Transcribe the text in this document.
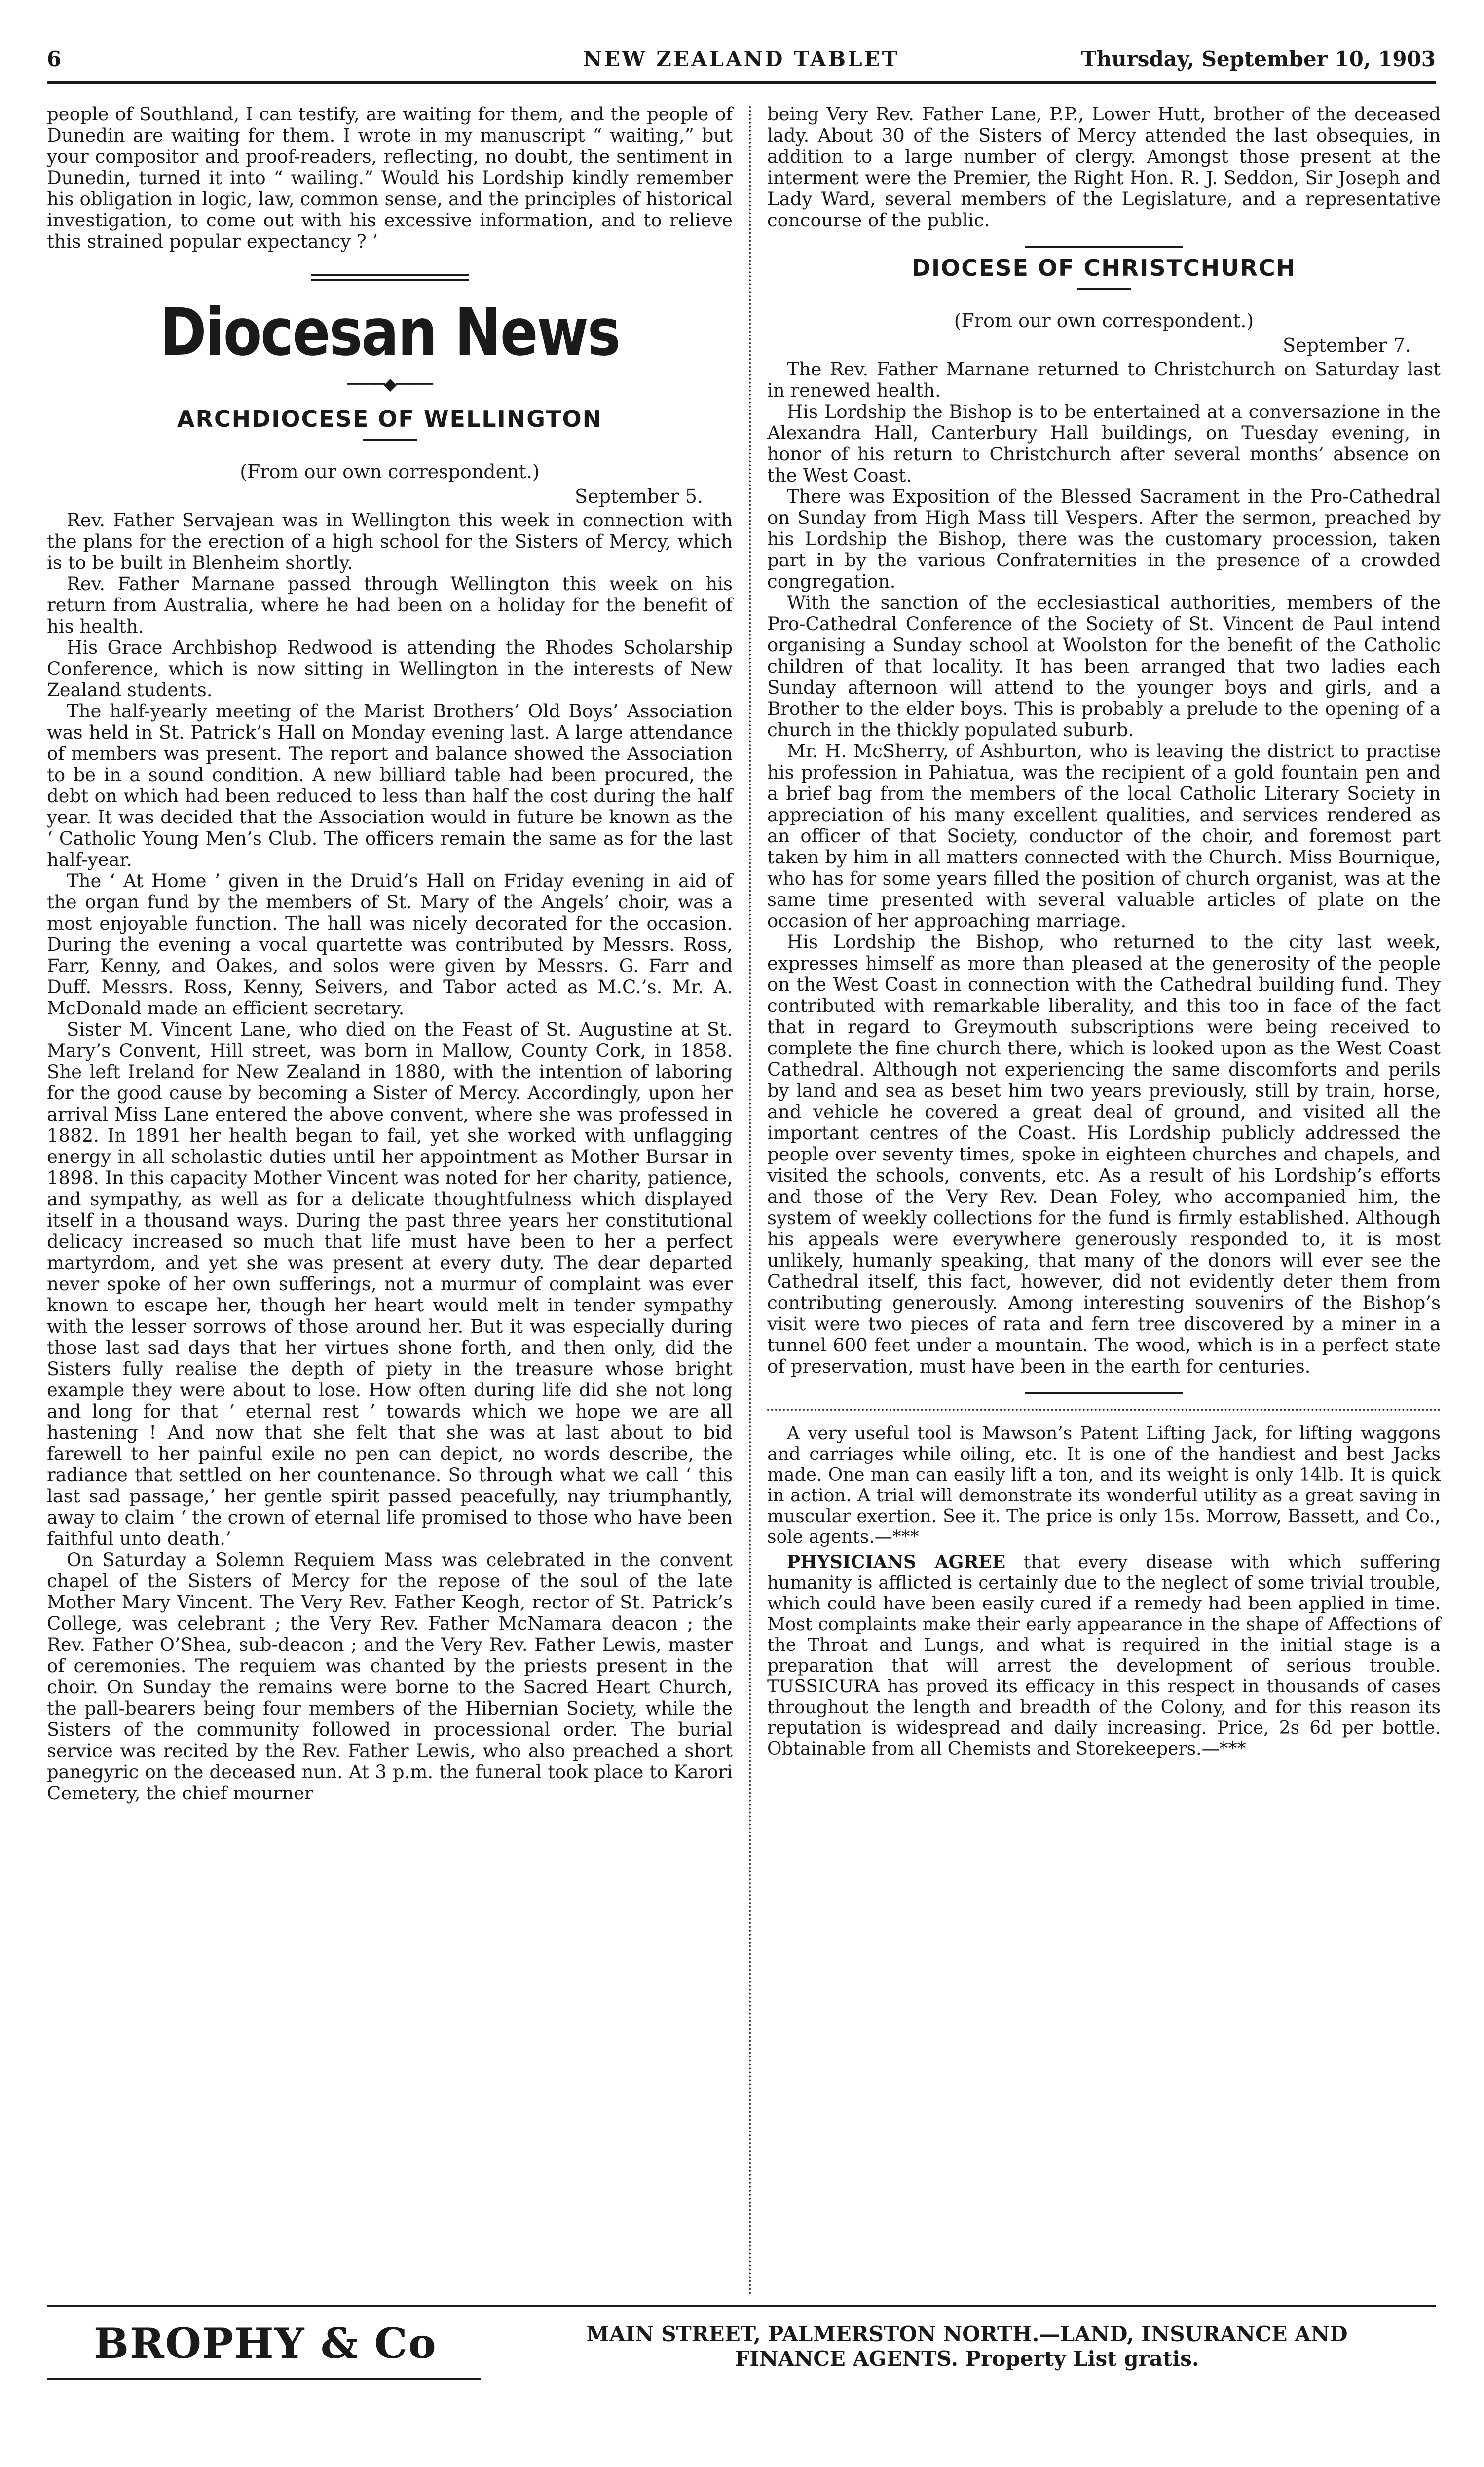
6	NEW ZEALAND TABLET	Thursday, September 10, 1903

people of Southland, I can testify, are waiting for them, and the people of Dunedin are waiting for them. I wrote in my manuscript “ waiting,” but your compositor and proof-readers, reflecting, no doubt, the sentiment in Dunedin, turned it into “ wailing.” Would his Lordship kindly remember his obligation in logic, law, common sense, and the principles of historical investigation, to come out with his excessive information, and to relieve this strained popular expectancy ? ’

Diocesan News
────◆────
ARCHDIOCESE OF WELLINGTON
(From our own correspondent.)
September 5.

Rev. Father Servajean was in Wellington this week in connection with the plans for the erection of a high school for the Sisters of Mercy, which is to be built in Blenheim shortly.

Rev. Father Marnane passed through Wellington this week on his return from Australia, where he had been on a holiday for the benefit of his health.

His Grace Archbishop Redwood is attending the Rhodes Scholarship Conference, which is now sitting in Wellington in the interests of New Zealand students.

The half-yearly meeting of the Marist Brothers’ Old Boys’ Association was held in St. Patrick’s Hall on Monday evening last. A large attendance of members was present. The report and balance showed the Association to be in a sound condition. A new billiard table had been procured, the debt on which had been reduced to less than half the cost during the half year. It was decided that the Association would in future be known as the ‘ Catholic Young Men’s Club. The officers remain the same as for the last half-year.

The ‘ At Home ’ given in the Druid’s Hall on Friday evening in aid of the organ fund by the members of St. Mary of the Angels’ choir, was a most enjoyable function. The hall was nicely decorated for the occasion. During the evening a vocal quartette was contributed by Messrs. Ross, Farr, Kenny, and Oakes, and solos were given by Messrs. G. Farr and Duff. Messrs. Ross, Kenny, Seivers, and Tabor acted as M.C.’s. Mr. A. McDonald made an efficient secretary.

Sister M. Vincent Lane, who died on the Feast of St. Augustine at St. Mary’s Convent, Hill street, was born in Mallow, County Cork, in 1858. She left Ireland for New Zealand in 1880, with the intention of laboring for the good cause by becoming a Sister of Mercy. Accordingly, upon her arrival Miss Lane entered the above convent, where she was professed in 1882. In 1891 her health began to fail, yet she worked with unflagging energy in all scholastic duties until her appointment as Mother Bursar in 1898. In this capacity Mother Vincent was noted for her charity, patience, and sympathy, as well as for a delicate thoughtfulness which displayed itself in a thousand ways. During the past three years her constitutional delicacy increased so much that life must have been to her a perfect martyrdom, and yet she was present at every duty. The dear departed never spoke of her own sufferings, not a murmur of complaint was ever known to escape her, though her heart would melt in tender sympathy with the lesser sorrows of those around her. But it was especially during those last sad days that her virtues shone forth, and then only, did the Sisters fully realise the depth of piety in the treasure whose bright example they were about to lose. How often during life did she not long and long for that ‘ eternal rest ’ towards which we hope we are all hastening ! And now that she felt that she was at last about to bid farewell to her painful exile no pen can depict, no words describe, the radiance that settled on her countenance. So through what we call ‘ this last sad passage,’ her gentle spirit passed peacefully, nay triumphantly, away to claim ‘ the crown of eternal life promised to those who have been faithful unto death.’

On Saturday a Solemn Requiem Mass was celebrated in the convent chapel of the Sisters of Mercy for the repose of the soul of the late Mother Mary Vincent. The Very Rev. Father Keogh, rector of St. Patrick’s College, was celebrant ; the Very Rev. Father McNamara deacon ; the Rev. Father O’Shea, sub-deacon ; and the Very Rev. Father Lewis, master of ceremonies. The requiem was chanted by the priests present in the choir. On Sunday the remains were borne to the Sacred Heart Church, the pall-bearers being four members of the Hibernian Society, while the Sisters of the community followed in processional order. The burial service was recited by the Rev. Father Lewis, who also preached a short panegyric on the deceased nun. At 3 p.m. the funeral took place to Karori Cemetery, the chief mourner

being Very Rev. Father Lane, P.P., Lower Hutt, brother of the deceased lady. About 30 of the Sisters of Mercy attended the last obsequies, in addition to a large number of clergy. Amongst those present at the interment were the Premier, the Right Hon. R. J. Seddon, Sir Joseph and Lady Ward, several members of the Legislature, and a representative concourse of the public.

DIOCESE OF CHRISTCHURCH
(From our own correspondent.)
September 7.

The Rev. Father Marnane returned to Christchurch on Saturday last in renewed health.

His Lordship the Bishop is to be entertained at a conversazione in the Alexandra Hall, Canterbury Hall buildings, on Tuesday evening, in honor of his return to Christchurch after several months’ absence on the West Coast.

There was Exposition of the Blessed Sacrament in the Pro-Cathedral on Sunday from High Mass till Vespers. After the sermon, preached by his Lordship the Bishop, there was the customary procession, taken part in by the various Confraternities in the presence of a crowded congregation.

With the sanction of the ecclesiastical authorities, members of the Pro-Cathedral Conference of the Society of St. Vincent de Paul intend organising a Sunday school at Woolston for the benefit of the Catholic children of that locality. It has been arranged that two ladies each Sunday afternoon will attend to the younger boys and girls, and a Brother to the elder boys. This is probably a prelude to the opening of a church in the thickly populated suburb.

Mr. H. McSherry, of Ashburton, who is leaving the district to practise his profession in Pahiatua, was the recipient of a gold fountain pen and a brief bag from the members of the local Catholic Literary Society in appreciation of his many excellent qualities, and services rendered as an officer of that Society, conductor of the choir, and foremost part taken by him in all matters connected with the Church. Miss Bournique, who has for some years filled the position of church organist, was at the same time presented with several valuable articles of plate on the occasion of her approaching marriage.

His Lordship the Bishop, who returned to the city last week, expresses himself as more than pleased at the generosity of the people on the West Coast in connection with the Cathedral building fund. They contributed with remarkable liberality, and this too in face of the fact that in regard to Greymouth subscriptions were being received to complete the fine church there, which is looked upon as the West Coast Cathedral. Although not experiencing the same discomforts and perils by land and sea as beset him two years previously, still by train, horse, and vehicle he covered a great deal of ground, and visited all the important centres of the Coast. His Lordship publicly addressed the people over seventy times, spoke in eighteen churches and chapels, and visited the schools, convents, etc. As a result of his Lordship’s efforts and those of the Very Rev. Dean Foley, who accompanied him, the system of weekly collections for the fund is firmly established. Although his appeals were everywhere generously responded to, it is most unlikely, humanly speaking, that many of the donors will ever see the Cathedral itself, this fact, however, did not evidently deter them from contributing generously. Among interesting souvenirs of the Bishop’s visit were two pieces of rata and fern tree discovered by a miner in a tunnel 600 feet under a mountain. The wood, which is in a perfect state of preservation, must have been in the earth for centuries.

A very useful tool is Mawson’s Patent Lifting Jack, for lifting waggons and carriages while oiling, etc. It is one of the handiest and best Jacks made. One man can easily lift a ton, and its weight is only 14lb. It is quick in action. A trial will demonstrate its wonderful utility as a great saving in muscular exertion. See it. The price is only 15s. Morrow, Bassett, and Co., sole agents.—***

PHYSICIANS AGREE that every disease with which suffering humanity is afflicted is certainly due to the neglect of some trivial trouble, which could have been easily cured if a remedy had been applied in time. Most complaints make their early appearance in the shape of Affections of the Throat and Lungs, and what is required in the initial stage is a preparation that will arrest the development of serious trouble. TUSSICURA has proved its efficacy in this respect in thousands of cases throughout the length and breadth of the Colony, and for this reason its reputation is widespread and daily increasing. Price, 2s 6d per bottle. Obtainable from all Chemists and Storekeepers.—***

BROPHY & Co	MAIN STREET, PALMERSTON NORTH.—LAND, INSURANCE AND
FINANCE AGENTS. Property List gratis.
